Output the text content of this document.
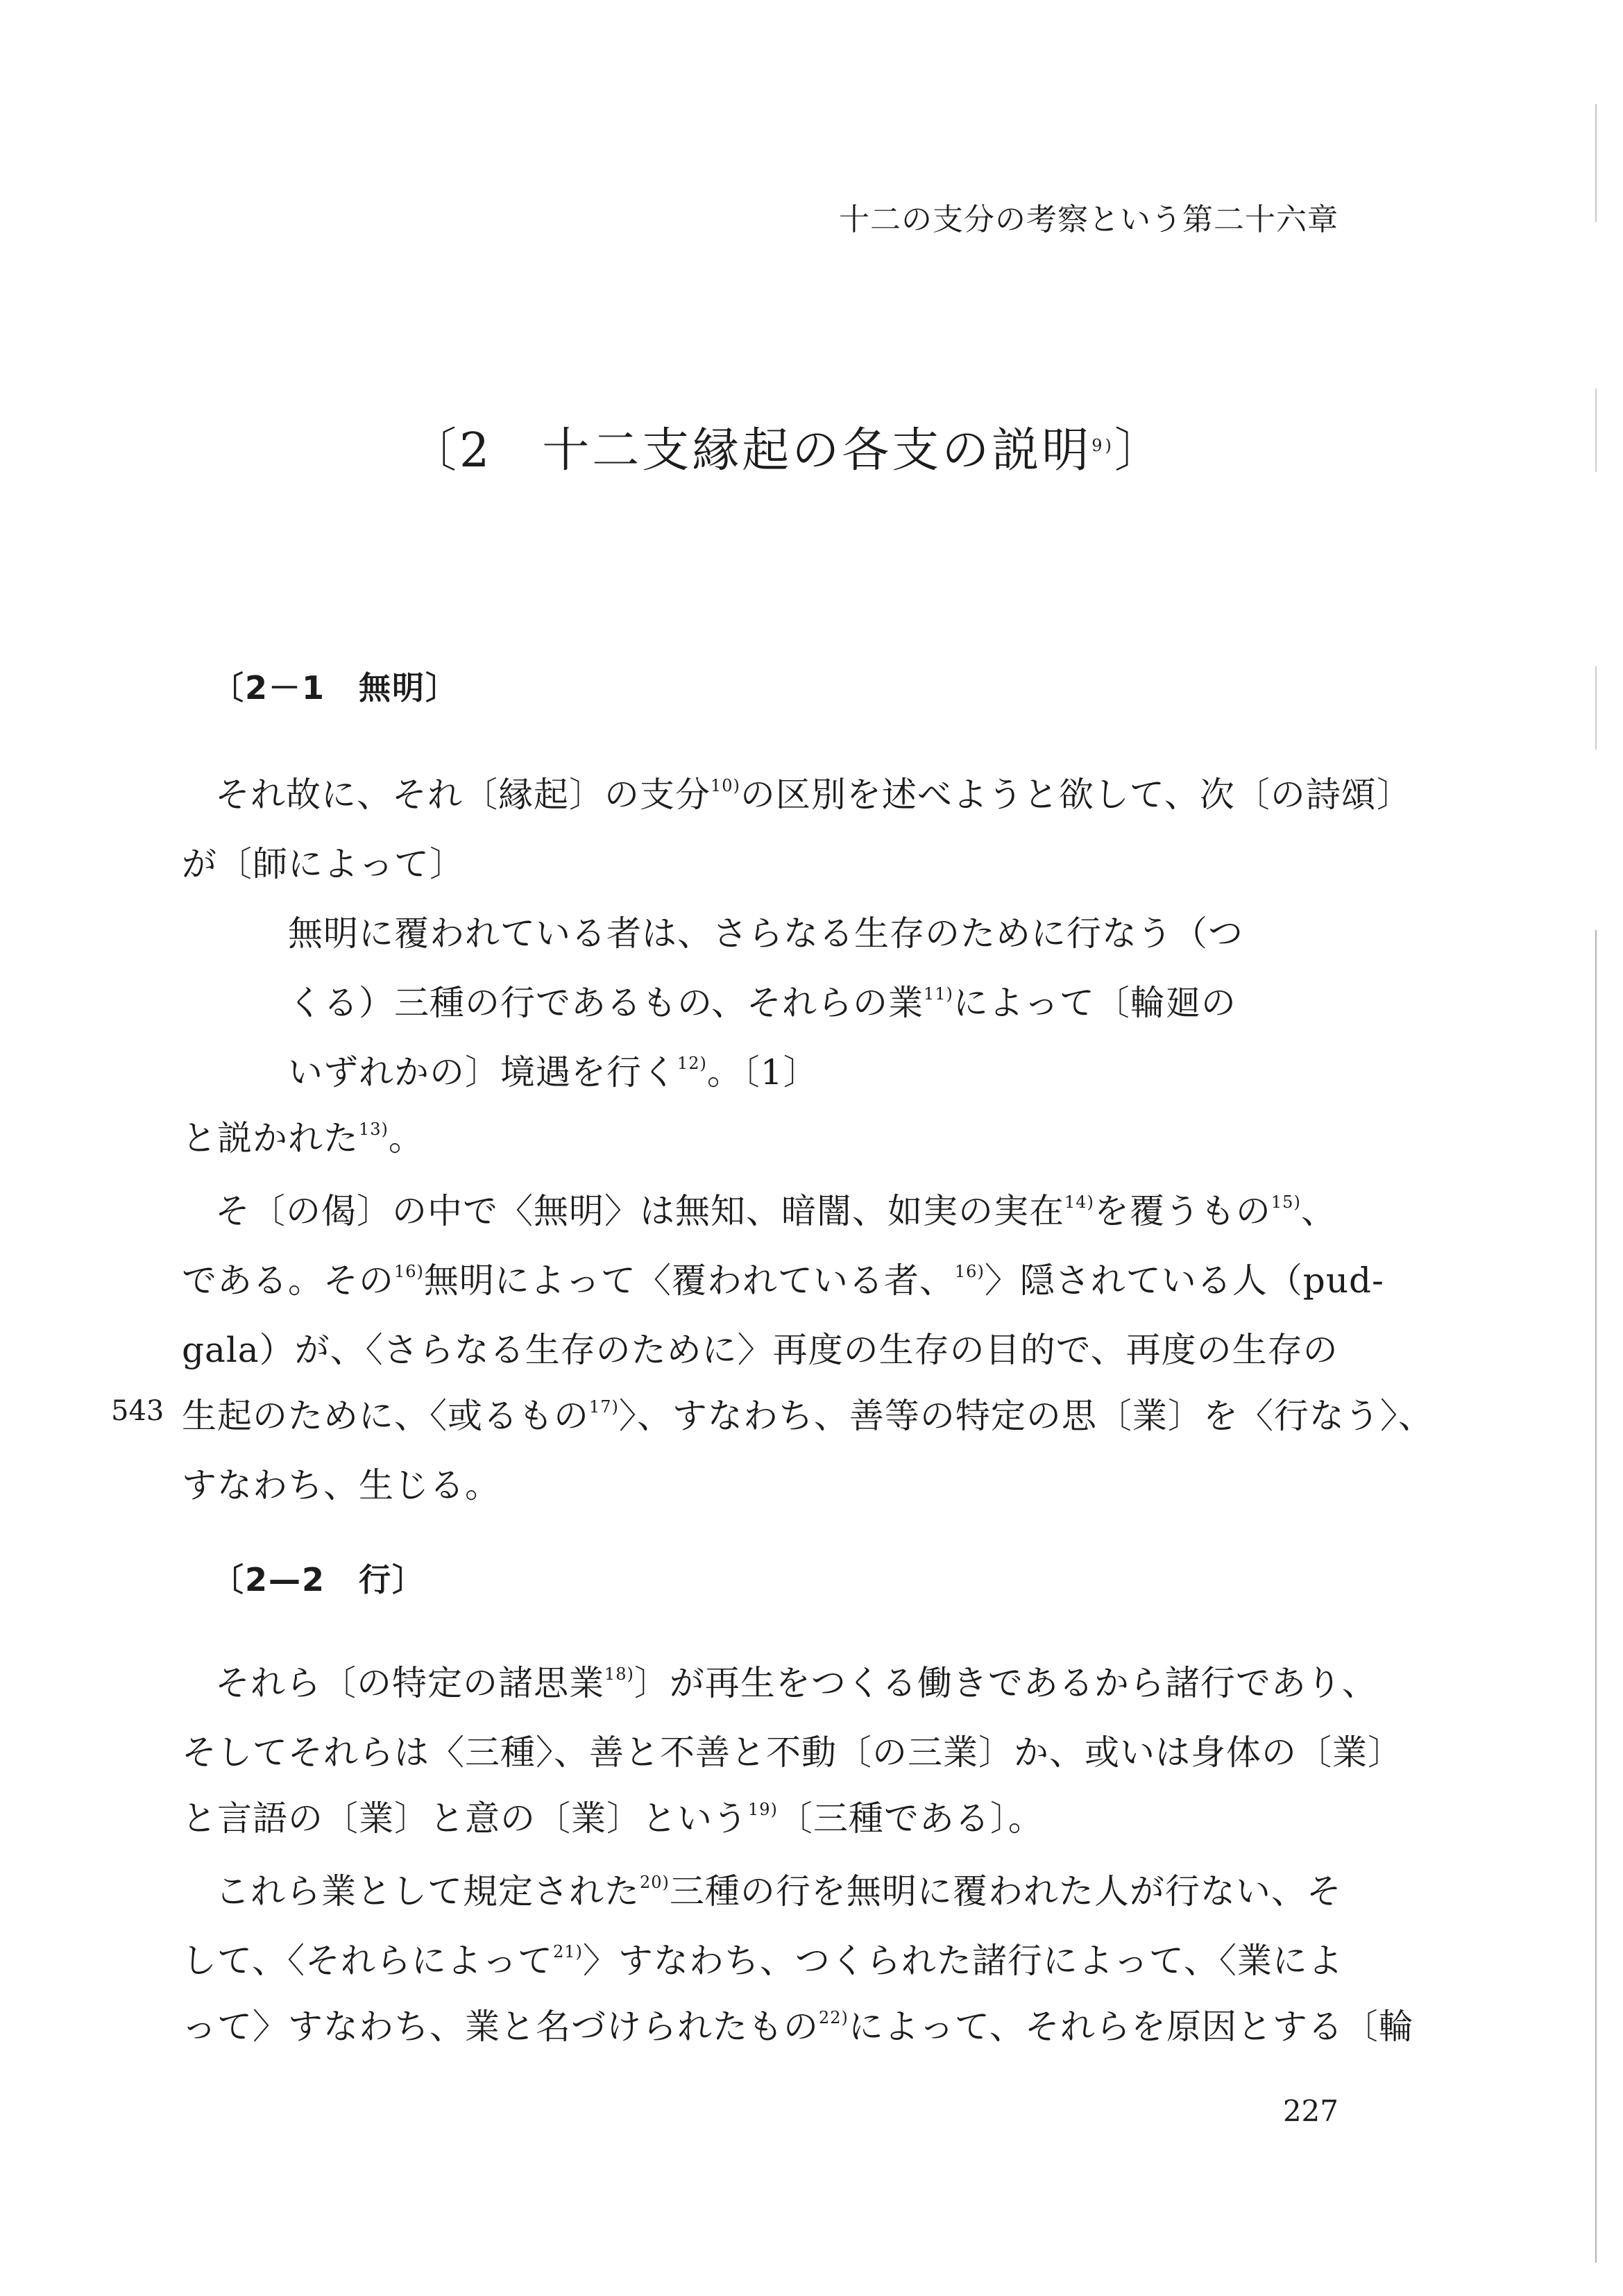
十二の支分の考察という第二十六章
〔2　十二支縁起の各支の説明$^{9)}$〕
〔2－1　無明〕
それ故に、それ〔縁起〕の支分$^{10)}$の区別を述べようと欲して、次〔の詩頌〕
が〔師によって〕
無明に覆われている者は、さらなる生存のために行なう（つ
くる）三種の行であるもの、それらの業$^{11)}$によって〔輪廻の
いずれかの〕境遇を行く$^{12)}$。〔1〕
と説かれた$^{13)}$。
そ〔の偈〕の中で〈無明〉は無知、暗闇、如実の実在$^{14)}$を覆うもの$^{15)}$、
である。その$^{16)}$無明によって〈覆われている者、$^{16)}$〉隠されている人（pud-
gala）が、〈さらなる生存のために〉再度の生存の目的で、再度の生存の
543 生起のために、〈或るもの$^{17)}$〉、すなわち、善等の特定の思〔業〕を〈行なう〉、
すなわち、生じる。
〔2—2　行〕
それら〔の特定の諸思業$^{18)}$〕が再生をつくる働きであるから諸行であり、
そしてそれらは〈三種〉、善と不善と不動〔の三業〕か、或いは身体の〔業〕
と言語の〔業〕と意の〔業〕という$^{19)}$〔三種である〕。
これら業として規定された$^{20)}$三種の行を無明に覆われた人が行ない、そ
して、〈それらによって$^{21)}$〉すなわち、つくられた諸行によって、〈業によ
って〉すなわち、業と名づけられたもの$^{22)}$によって、それらを原因とする〔輪
227
